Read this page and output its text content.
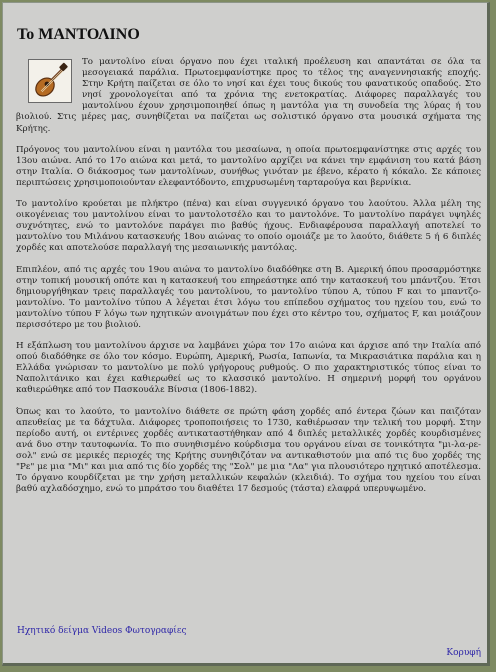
Το ΜΑΝΤΟΛΙΝΟ

Το μαντολίνο είναι όργανο που έχει ιταλική προέλευση και απαντάται σε όλα τα μεσογειακά παράλια. Πρωτοεμφανίστηκε προς το τέλος της αναγεννησιακής εποχής. Στην Κρήτη παίζεται σε όλο το νησί και έχει τους δικούς του φανατικούς οπαδούς. Στο νησί χρονολογείται από τα χρόνια της ενετοκρατίας. Διάφορες παραλλαγές του μαντολίνου έχουν χρησιμοποιηθεί όπως η μαντόλα για τη συνοδεία της λύρας ή του βιολιού. Στις μέρες μας, συνηθίζεται να παίζεται ως σολιστικό όργανο στα μουσικά σχήματα της Κρήτης.

Πρόγονος του μαντολίνου είναι η μαντόλα του μεσαίωνα, η οποία πρωτοεμφανίστηκε στις αρχές του 13ου αιώνα. Από το 17ο αιώνα και μετά, το μαντολίνο αρχίζει να κάνει την εμφάνιση του κατά βάση στην Ιταλία. Ο διάκοσμος των μαντολίνων, συνήθως γινόταν με έβενο, κέρατο ή κόκαλο. Σε κάποιες περιπτώσεις χρησιμοποιούνταν ελεφαντόδοντο, επιχρυσωμένη ταρταρούγα και βερνίκια.

Το μαντολίνο κρούεται με πλήκτρο (πένα) και είναι συγγενικό όργανο του λαούτου. Άλλα μέλη της οικογένειας του μαντολίνου είναι το μαντολοτσέλο και το μαντολόνε. Το μαντολίνο παράγει υψηλές συχνότητες, ενώ το μαντολόνε παράγει πιο βαθύς ήχους. Ενδιαφέρουσα παραλλαγή αποτελεί το μαντολίνο του Μιλάνου κατασκευής 18ου αιώνας το οποίο ομοιάζε με το λαούτο, διάθετε 5 ή 6 διπλές χορδές και αποτελούσε παραλλαγή της μεσαιωνικής μαντόλας.

Επιπλέον, από τις αρχές του 19ου αιώνα το μαντολίνο διαδόθηκε στη Β. Αμερική όπου προσαρμόστηκε στην τοπική μουσική οπότε και η κατασκευή του επηρεάστηκε από την κατασκευή του μπάντζου. Έτσι δημιουργήθηκαν τρεις παραλλαγές του μαντολίνου, το μαντολίνο τύπου Α, τύπου F και το μπαντζο-μαντολίνο. Το μαντολίνο τύπου Α λέγεται έτσι λόγω του επίπεδου σχήματος του ηχείου του, ενώ το μαντολίνο τύπου F λόγω των ηχητικών ανοιγμάτων που έχει στο κέντρο του, σχήματος F, και μοιάζουν περισσότερο με του βιολιού.

Η εξάπλωση του μαντολίνου άρχισε να λαμβάνει χώρα τον 17ο αιώνα και άρχισε από την Ιταλία από οπού διαδόθηκε σε όλο τον κόσμο. Ευρώπη, Αμερική, Ρωσία, Ιαπωνία, τα Μικρασιάτικα παράλια και η Ελλάδα γνώρισαν το μαντολίνο με πολύ γρήγορους ρυθμούς. Ο πιο χαρακτηριστικός τύπος είναι το Ναπολιτάνικο και έχει καθιερωθεί ως το κλασσικό μαντολίνο. Η σημερινή μορφή του οργάνου καθιερώθηκε από τον Πασκουάλε Βίνσια (1806-1882).

Όπως και το λαούτο, το μαντολίνο διάθετε σε πρώτη φάση χορδές από έντερα ζώων και παιζόταν απευθείας με τα δάχτυλα. Διάφορες τροποποιήσεις το 1730, καθιέρωσαν την τελική του μορφή. Στην περίοδο αυτή, οι εντέρινες χορδές αντικαταστήθηκαν από 4 διπλές μεταλλικές χορδές κουρδισμένες ανά δυο στην ταυτοφωνία. Το πιο συνηθισμένο κούρδισμα του οργάνου είναι σε τονικότητα "μι-λα-ρε-σολ" ενώ σε μερικές περιοχές της Κρήτης συνηθιζόταν να αντικαθιστούν μια από τις δυο χορδές της "Ρε" με μια "Μι" και μια από τις δίο χορδές της "Σολ" με μια "Λα" για πλουσιότερο ηχητικό αποτέλεσμα. Το όργανο κουρδίζεται με την χρήση μεταλλικών κεφαλών (κλειδιά). Το σχήμα του ηχείου του είναι βαθύ αχλαδόσχημο, ενώ το μπράτσο του διαθέτει 17 δεσμούς (τάστα) ελαφρά υπερυψωμένο.

Ηχητικό δείγμα Videos Φωτογραφίες
Κορυφή
